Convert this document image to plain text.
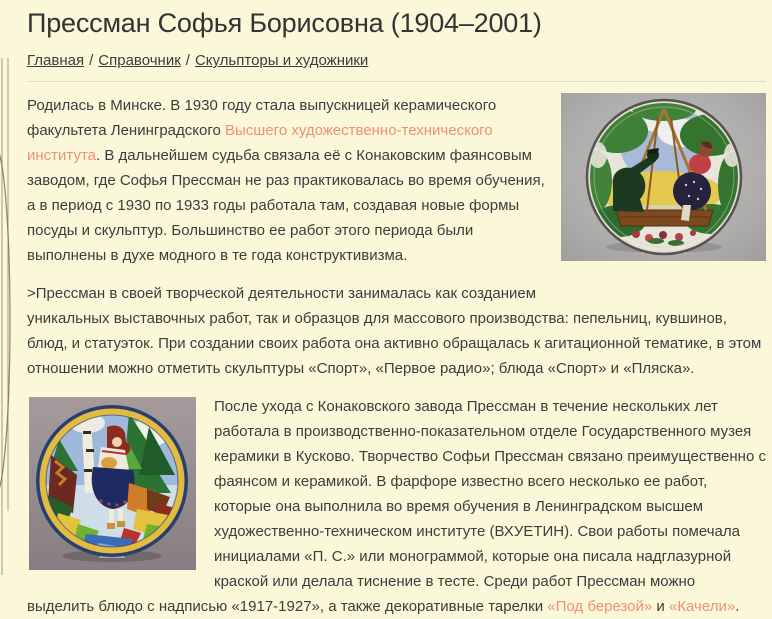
Прессман Софья Борисовна (1904–2001)
Главная / Справочник / Скульпторы и художники

Родилась в Минске. В 1930 году стала выпускницей керамического факультета Ленинградского Высшего художественно-технического института. В дальнейшем судьба связала её с Конаковским фаянсовым заводом, где Софья Прессман не раз практиковалась во время обучения, а в период с 1930 по 1933 годы работала там, создавая новые формы посуды и скульптур. Большинство ее работ этого периода были выполнены в духе модного в те года конструктивизма.

>Прессман в своей творческой деятельности занималась как созданием
уникальных выставочных работ, так и образцов для массового производства: пепельниц, кувшинов, блюд, и статуэток. При создании своих работа она активно обращалась к агитационной тематике, в этом отношении можно отметить скульптуры «Спорт», «Первое радио»; блюда «Спорт» и «Пляска».

После ухода с Конаковского завода Прессман в течение нескольких лет работала в производственно-показательном отделе Государственного музея керамики в Кусково. Творчество Софьи Прессман связано преимущественно с фаянсом и керамикой. В фарфоре известно всего несколько ее работ, которые она выполнила во время обучения в Ленинградском высшем художественно-техническом институте (ВХУЕТИН). Свои работы помечала инициалами «П. С.» или монограммой, которые она писала надглазурной краской или делала тиснение в тесте. Среди работ Прессман можно выделить блюдо с надписью «1917-1927», а также декоративные тарелки «Под березой» и «Качели».
